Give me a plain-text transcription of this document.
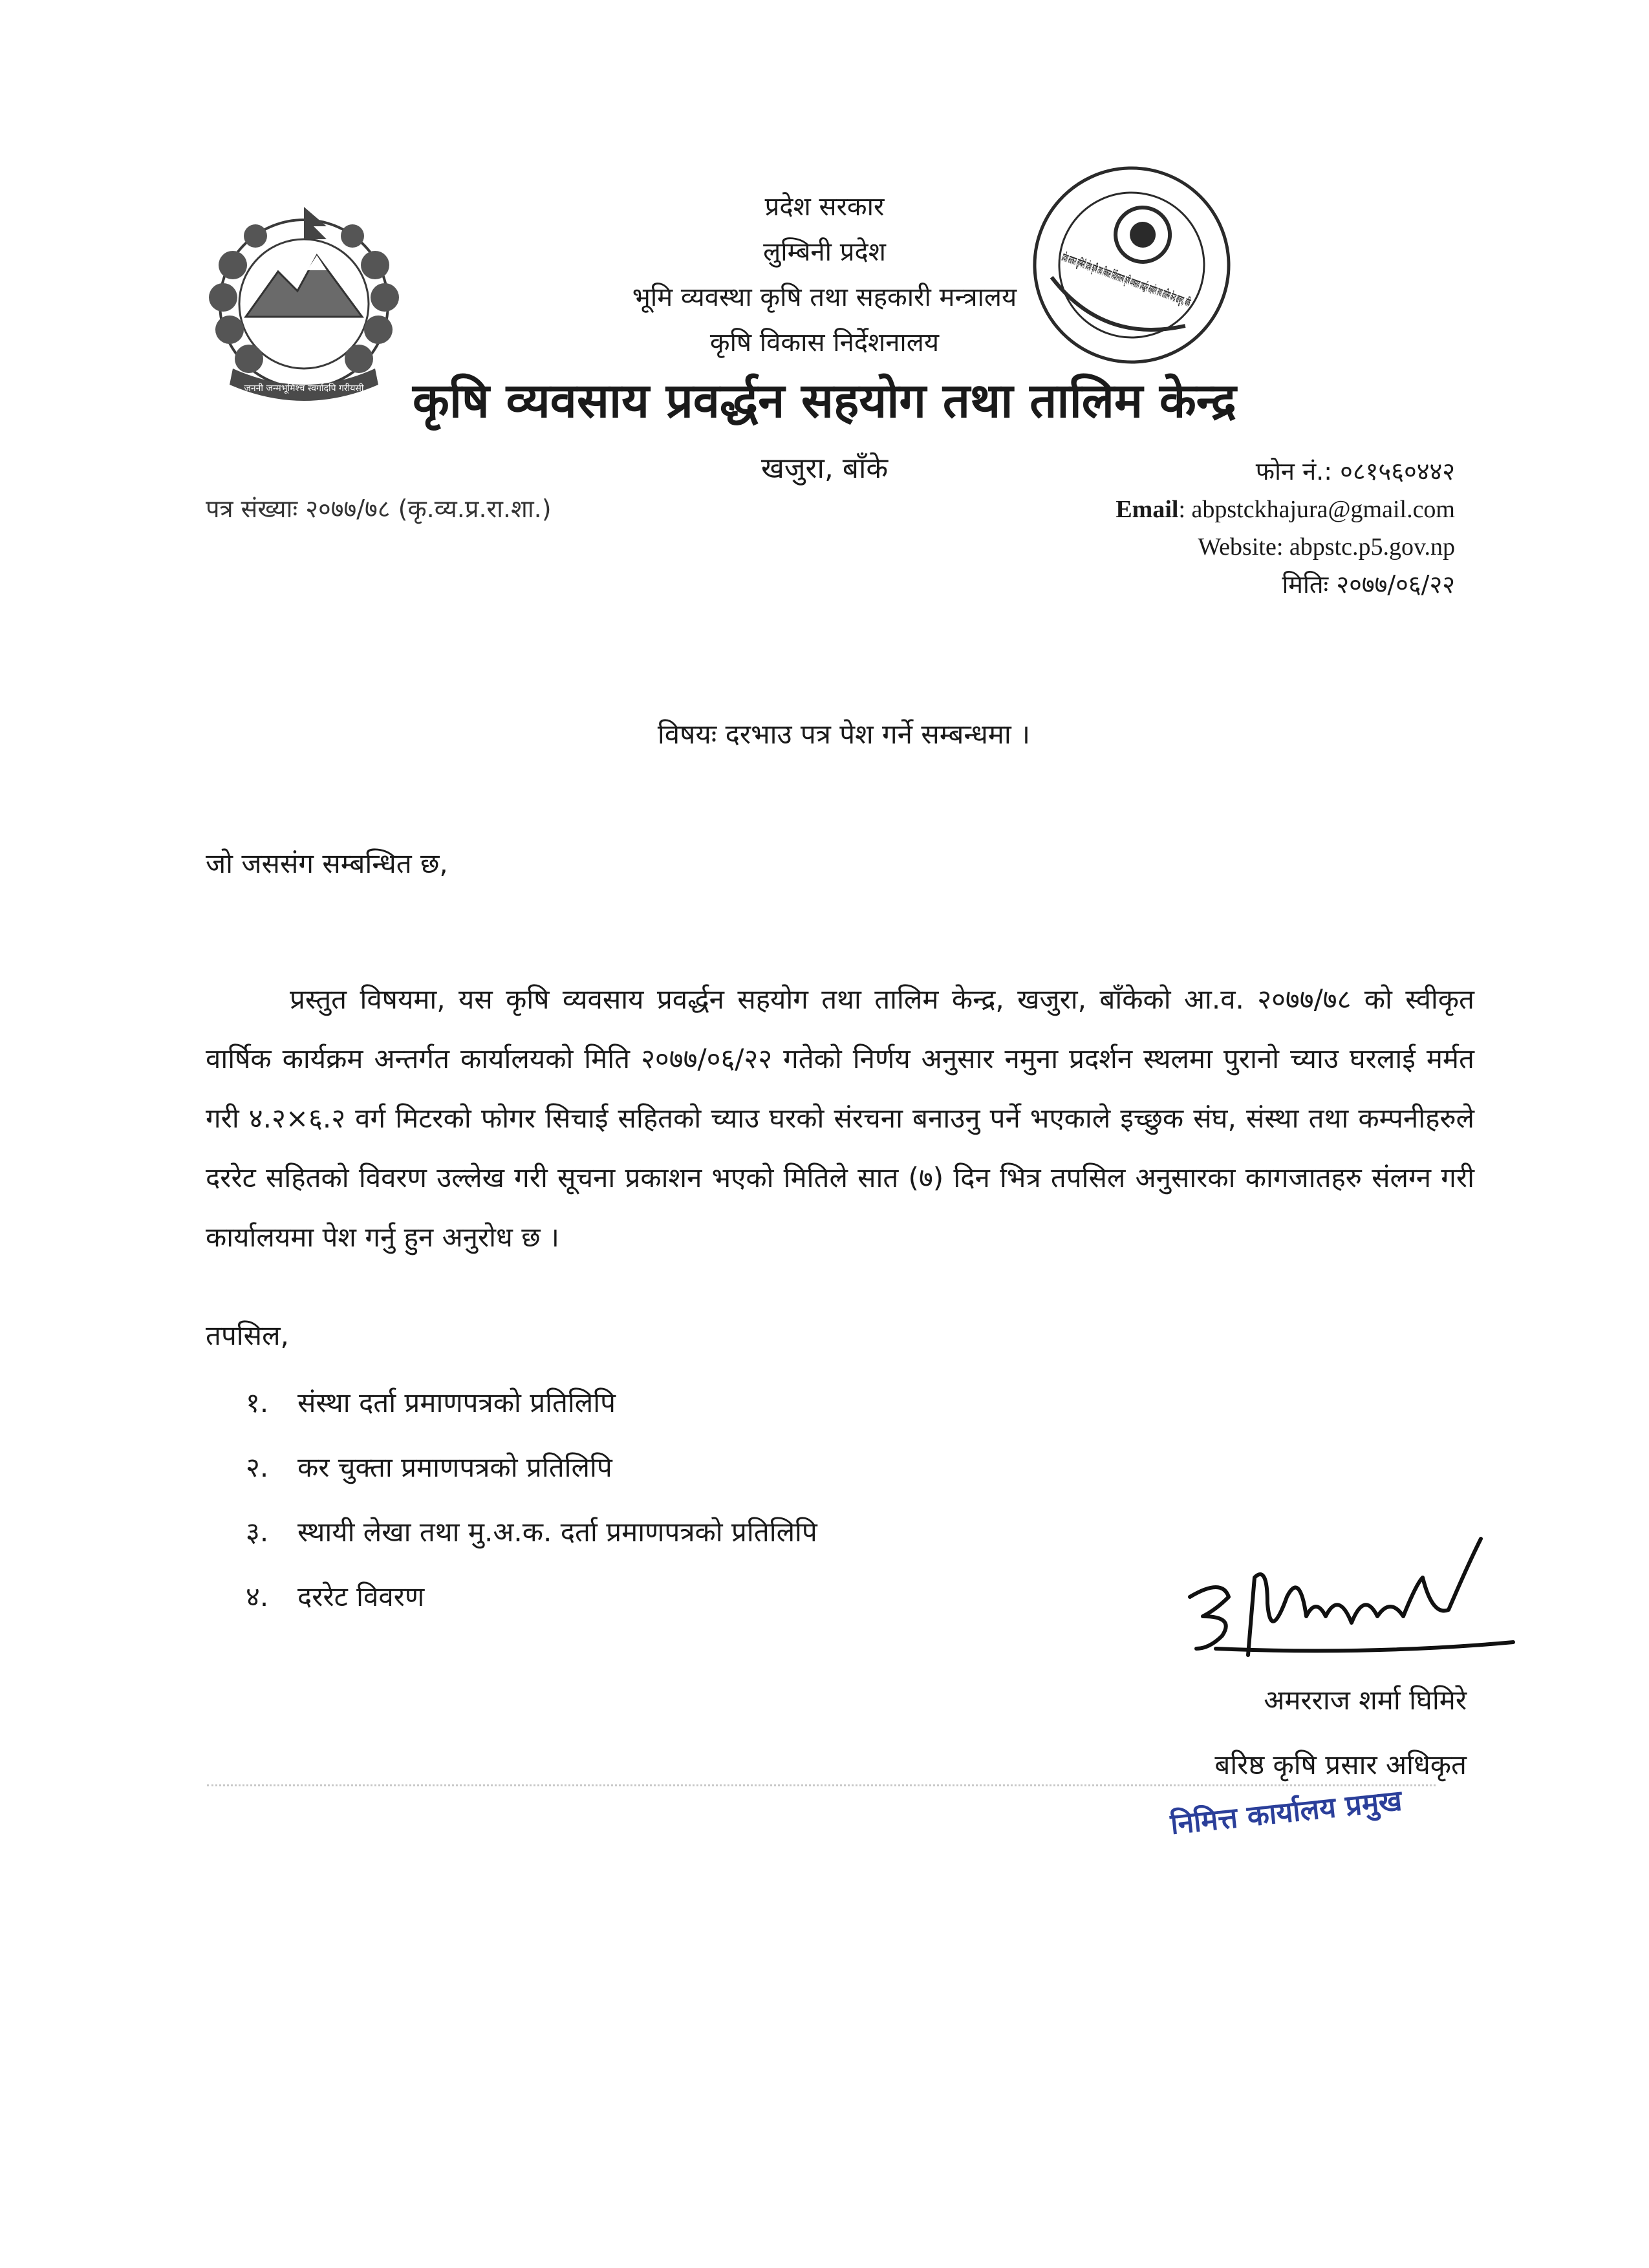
जननी जन्मभूमिश्च स्वर्गादपि गरीयसी	प्रदेश सरकार लुम्बिनी प्रदेश कृषि तथा विकास निर्देशनालय कृषि व्यवसाय प्रवर्द्धन सहयोग तथा तालिम केन्द्र खजुरा, बाँके
प्रदेश सरकार
लुम्बिनी प्रदेश
भूमि व्यवस्था कृषि तथा सहकारी मन्त्रालय
कृषि विकास निर्देशनालय
कृषि व्यवसाय प्रवर्द्धन सहयोग तथा तालिम केन्द्र
खजुरा, बाँके	फोन नं.: ०८१५६०४४२
Email: abpstckhajura@gmail.com
Website: abpstc.p5.gov.np
मितिः २०७७/०६/२२
पत्र संख्याः २०७७/७८ (कृ.व्य.प्र.रा.शा.)
विषयः दरभाउ पत्र पेश गर्ने सम्बन्धमा ।
जो जससंग सम्बन्धित छ,
प्रस्तुत विषयमा, यस कृषि व्यवसाय प्रवर्द्धन सहयोग तथा तालिम केन्द्र, खजुरा, बाँकेको आ.व. २०७७/७८ को स्वीकृत वार्षिक कार्यक्रम अन्तर्गत कार्यालयको मिति २०७७/०६/२२ गतेको निर्णय अनुसार नमुना प्रदर्शन स्थलमा पुरानो च्याउ घरलाई मर्मत गरी ४.२×६.२ वर्ग मिटरको फोगर सिचाई सहितको च्याउ घरको संरचना बनाउनु पर्ने भएकाले इच्छुक संघ, संस्था तथा कम्पनीहरुले दररेट सहितको विवरण उल्लेख गरी सूचना प्रकाशन भएको मितिले सात (७) दिन भित्र तपसिल अनुसारका कागजातहरु संलग्न गरी कार्यालयमा पेश गर्नु हुन अनुरोध छ ।
तपसिल,
१. संस्था दर्ता प्रमाणपत्रको प्रतिलिपि
२. कर चुक्ता प्रमाणपत्रको प्रतिलिपि
३. स्थायी लेखा तथा मु.अ.क. दर्ता प्रमाणपत्रको प्रतिलिपि
४. दररेट विवरण
अमरराज शर्मा घिमिरे
बरिष्ठ कृषि प्रसार अधिकृत
निमित्त कार्यालय प्रमुख
